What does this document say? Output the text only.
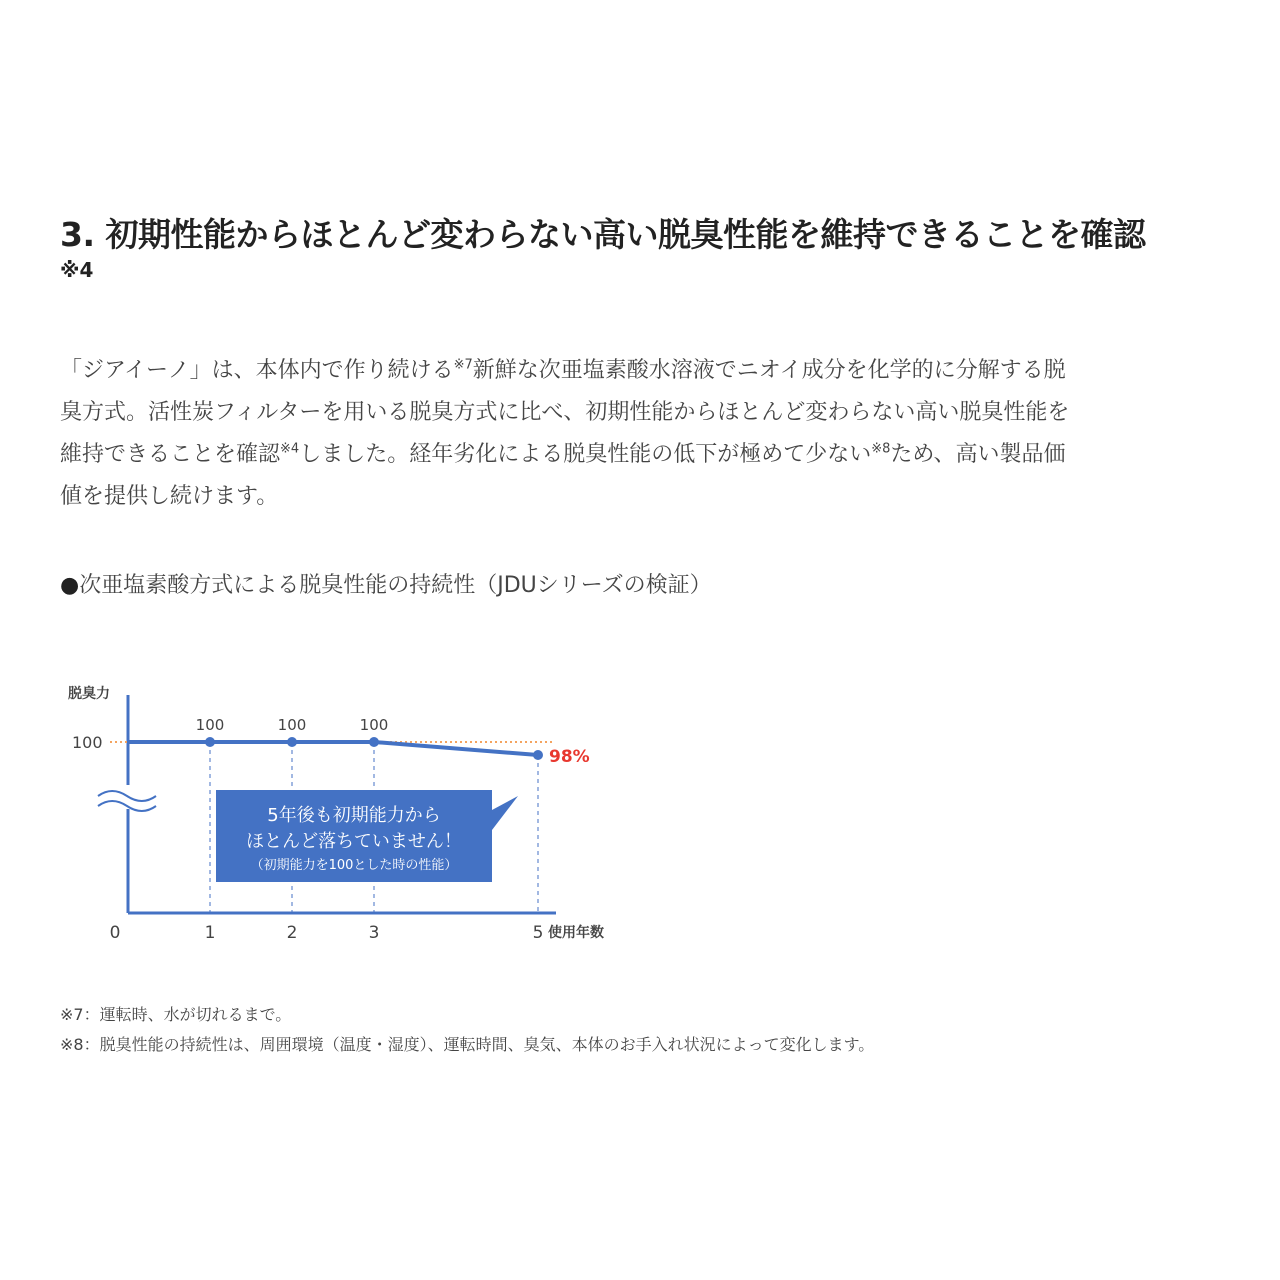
3. 初期性能からほとんど変わらない高い脱臭性能を維持できることを確認
※4

「ジアイーノ」は、本体内で作り続ける$^{※7}$新鮮な次亜塩素酸水溶液でニオイ成分を化学的に分解する脱

臭方式。活性炭フィルターを用いる脱臭方式に比べ、初期性能からほとんど変わらない高い脱臭性能を

維持できることを確認$^{※4}$しました。経年劣化による脱臭性能の低下が極めて少ない$^{※8}$ため、高い製品価

値を提供し続けます。

●次亜塩素酸方式による脱臭性能の持続性（JDUシリーズの検証）
脱臭力
100
100	100	100
98%
0	1	2	3	5 使用年数
5年後も初期能力から
ほとんど落ちていません！
（初期能力を100とした時の性能）
※7：運転時、水が切れるまで。
※8：脱臭性能の持続性は、周囲環境（温度・湿度）、運転時間、臭気、本体のお手入れ状況によって変化します。
